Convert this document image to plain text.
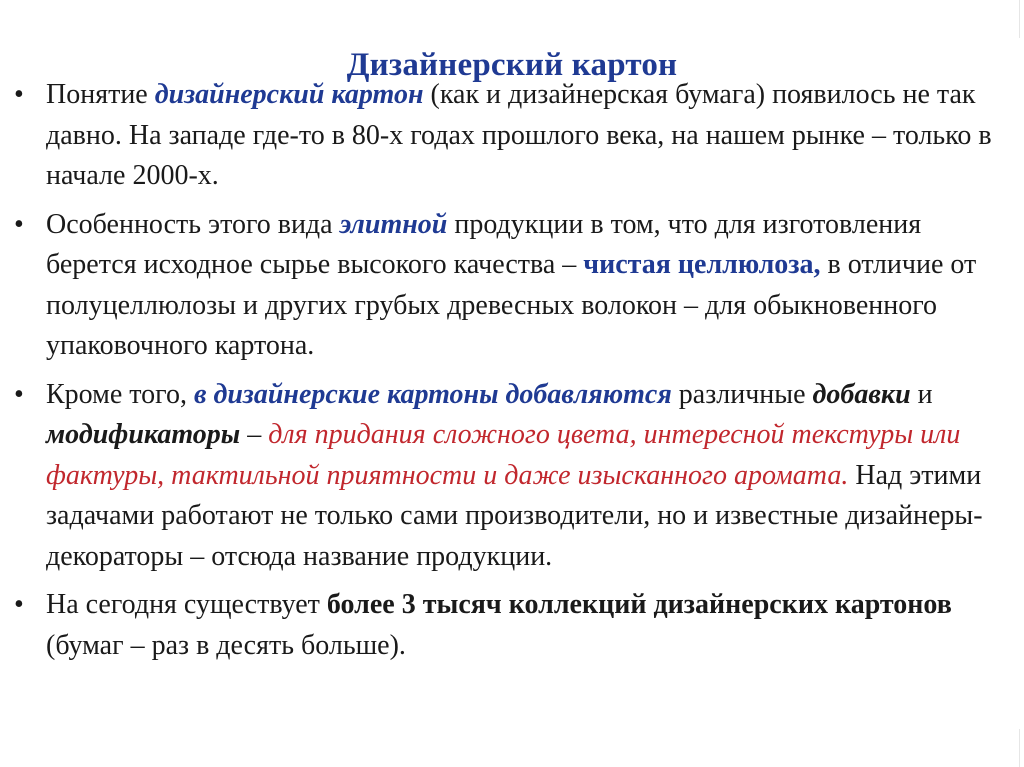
Дизайнерский картон
• Понятие дизайнерский картон (как и дизайнерская бумага) появилось не так давно. На западе где-то в 80-х годах прошлого века, на нашем рынке – только в начале 2000-х.
• Особенность этого вида элитной продукции в том, что для изготовления берется исходное сырье высокого качества – чистая целлюлоза, в отличие от полуцеллюлозы и других грубых древесных волокон – для обыкновенного упаковочного картона.
• Кроме того, в дизайнерские картоны добавляются различные добавки и модификаторы – для придания сложного цвета, интересной текстуры или фактуры, тактильной приятности и даже изысканного аромата. Над этими задачами работают не только сами производители, но и известные дизайнеры-декораторы – отсюда название продукции.
• На сегодня существует более 3 тысяч коллекций дизайнерских картонов (бумаг – раз в десять больше).
